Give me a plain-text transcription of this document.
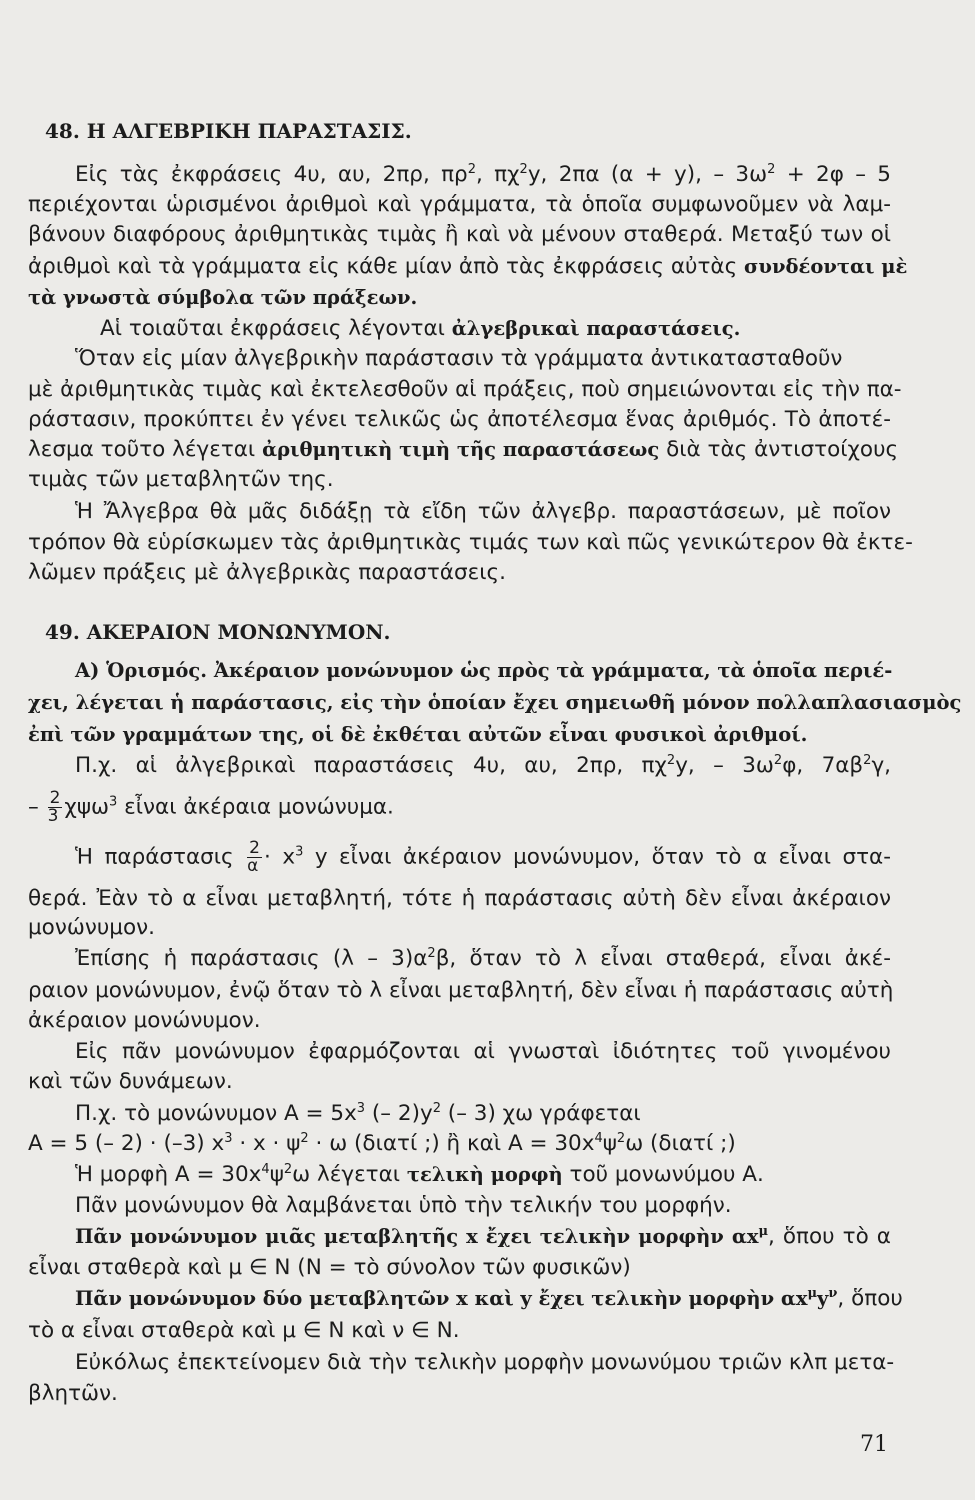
48. Η ΑΛΓΕΒΡΙΚΗ ΠΑΡΑΣΤΑΣΙΣ.
Εἰς τὰς ἐκφράσεις 4υ, αυ, 2πρ, $\pi\rho^2$, $\pi\chi^2y$, 2πα (α + y), – $3\omega^2 + 2\varphi - 5$
περιέχονται ὡρισμένοι ἀριθμοὶ καὶ γράμματα, τὰ ὁποῖα συμφωνοῦμεν νὰ λαμ-
βάνουν διαφόρους ἀριθμητικὰς τιμὰς ἢ καὶ νὰ μένουν σταθερά. Μεταξύ των οἱ
ἀριθμοὶ καὶ τὰ γράμματα εἰς κάθε μίαν ἀπὸ τὰς ἐκφράσεις αὐτὰς συνδέονται μὲ
τὰ γνωστὰ σύμβολα τῶν πράξεων.
Αἱ τοιαῦται ἐκφράσεις λέγονται ἀλγεβρικαὶ παραστάσεις.
Ὅταν εἰς μίαν ἀλγεβρικὴν παράστασιν τὰ γράμματα ἀντικατασταθοῦν
μὲ ἀριθμητικὰς τιμὰς καὶ ἐκτελεσθοῦν αἱ πράξεις, ποὺ σημειώνονται εἰς τὴν πα-
ράστασιν, προκύπτει ἐν γένει τελικῶς ὡς ἀποτέλεσμα ἕνας ἀριθμός. Τὸ ἀποτέ-
λεσμα τοῦτο λέγεται ἀριθμητικὴ τιμὴ τῆς παραστάσεως διὰ τὰς ἀντιστοίχους
τιμὰς τῶν μεταβλητῶν της.
Ἡ Ἄλγεβρα θὰ μᾶς διδάξῃ τὰ εἴδη τῶν ἀλγεβρ. παραστάσεων, μὲ ποῖον
τρόπον θὰ εὑρίσκωμεν τὰς ἀριθμητικὰς τιμάς των καὶ πῶς γενικώτερον θὰ ἐκτε-
λῶμεν πράξεις μὲ ἀλγεβρικὰς παραστάσεις.
49. ΑΚΕΡΑΙΟΝ ΜΟΝΩΝΥΜΟΝ.
Α) Ὁρισμός. Ἀκέραιον μονώνυμον ὡς πρὸς τὰ γράμματα, τὰ ὁποῖα περιέ-
χει, λέγεται ἡ παράστασις, εἰς τὴν ὁποίαν ἔχει σημειωθῆ μόνον πολλαπλασιασμὸς
ἐπὶ τῶν γραμμάτων της, οἱ δὲ ἐκθέται αὐτῶν εἶναι φυσικοὶ ἀριθμοί.
Π.χ. αἱ ἀλγεβρικαὶ παραστάσεις 4υ, αυ, 2πρ, $\pi\chi^2y$, – $3\omega^2\varphi$, $7\alpha\beta^2\gamma$,
– $\frac{2}{3} \chi\psi\omega^3$ εἶναι ἀκέραια μονώνυμα.
Ἡ παράστασις $\frac{2}{\alpha} \cdot x^3$ y εἶναι ἀκέραιον μονώνυμον, ὅταν τὸ α εἶναι στα-
θερά. Ἐὰν τὸ α εἶναι μεταβλητή, τότε ἡ παράστασις αὐτὴ δὲν εἶναι ἀκέραιον
μονώνυμον.
Ἐπίσης ἡ παράστασις $(\lambda - 3)\alpha^2\beta$, ὅταν τὸ λ εἶναι σταθερά, εἶναι ἀκέ-
ραιον μονώνυμον, ἐνῷ ὅταν τὸ λ εἶναι μεταβλητή, δὲν εἶναι ἡ παράστασις αὐτὴ
ἀκέραιον μονώνυμον.
Εἰς πᾶν μονώνυμον ἐφαρμόζονται αἱ γνωσταὶ ἰδιότητες τοῦ γινομένου
καὶ τῶν δυνάμεων.
Π.χ. τὸ μονώνυμον $A = 5x^3$ (– $2)y^2$ (– 3) χω γράφεται
Α = 5 (– 2) · (–3) $x^3 \cdot x \cdot \psi^2 \cdot \omega$ (διατί ;) ἢ καὶ $A = 30x^4\psi^2\omega$ (διατί ;)
Ἡ μορφὴ $A = 30x^4\psi^2\omega$ λέγεται τελικὴ μορφὴ τοῦ μονωνύμου Α.
Πᾶν μονώνυμον θὰ λαμβάνεται ὑπὸ τὴν τελικήν του μορφήν.
Πᾶν μονώνυμον μιᾶς μεταβλητῆς x ἔχει τελικὴν μορφὴν $\alpha x^\mu$, ὅπου τὸ α
εἶναι σταθερὰ καὶ μ ∈ Ν (Ν = τὸ σύνολον τῶν φυσικῶν)
Πᾶν μονώνυμον δύο μεταβλητῶν x καὶ y ἔχει τελικὴν μορφὴν $\alpha x^\mu y^\nu$, ὅπου
τὸ α εἶναι σταθερὰ καὶ μ ∈ Ν καὶ ν ∈ Ν.
Εὐκόλως ἐπεκτείνομεν διὰ τὴν τελικὴν μορφὴν μονωνύμου τριῶν κλπ μετα-
βλητῶν.
71
